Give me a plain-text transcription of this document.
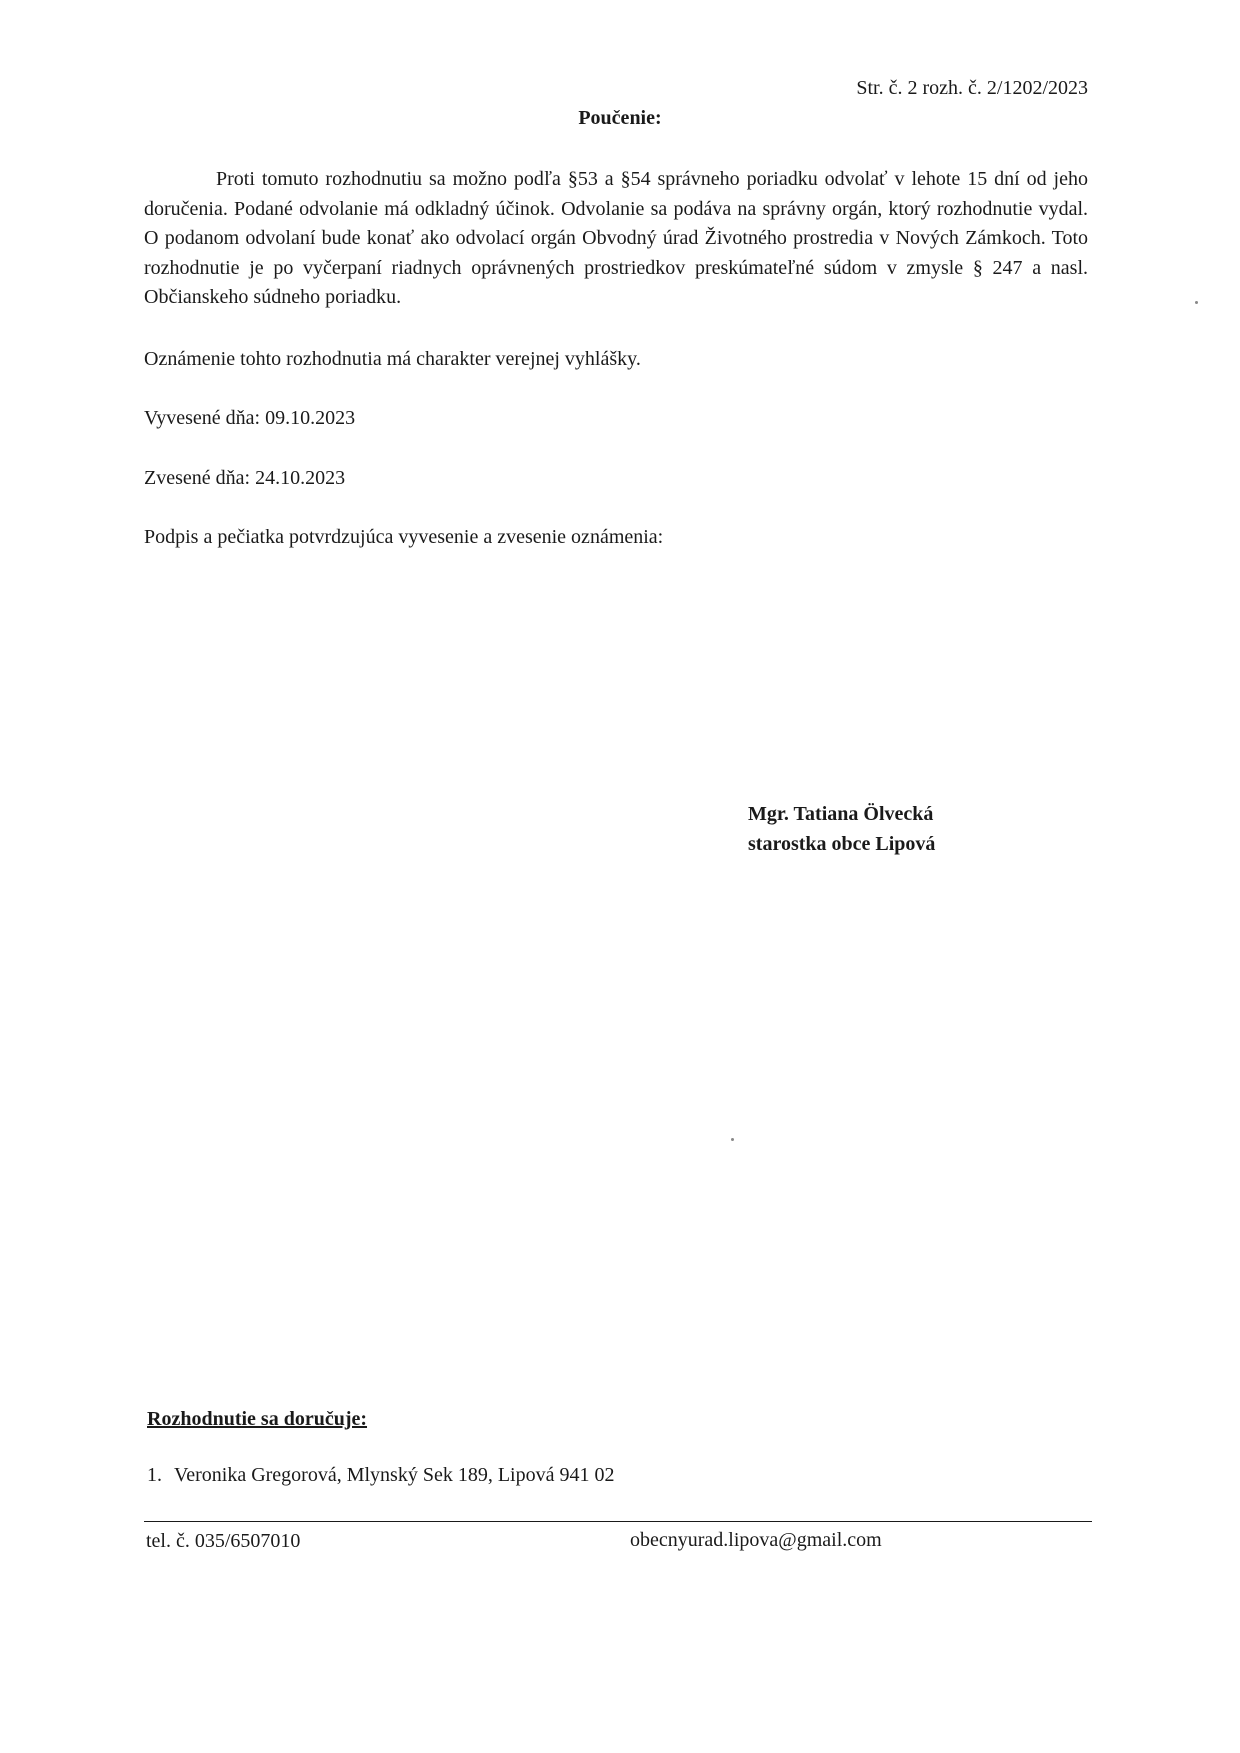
Str. č. 2 rozh. č. 2/1202/2023
Poučenie:

Proti tomuto rozhodnutiu sa možno podľa §53 a §54 správneho poriadku odvolať v lehote 15 dní od jeho doručenia. Podané odvolanie má odkladný účinok. Odvolanie sa podáva na správny orgán, ktorý rozhodnutie vydal. O podanom odvolaní bude konať ako odvolací orgán Obvodný úrad Životného prostredia v Nových Zámkoch. Toto rozhodnutie je po vyčerpaní riadnych oprávnených prostriedkov preskúmateľné súdom v zmysle § 247 a nasl. Občianskeho súdneho poriadku.

Oznámenie tohto rozhodnutia má charakter verejnej vyhlášky.
Vyvesené dňa: 09.10.2023
Zvesené dňa: 24.10.2023
Podpis a pečiatka potvrdzujúca vyvesenie a zvesenie oznámenia:
Mgr. Tatiana Ölvecká
starostka obce Lipová
Rozhodnutie sa doručuje:
1. Veronika Gregorová, Mlynský Sek 189, Lipová 941 02
tel. č. 035/6507010	obecnyurad.lipova@gmail.com
